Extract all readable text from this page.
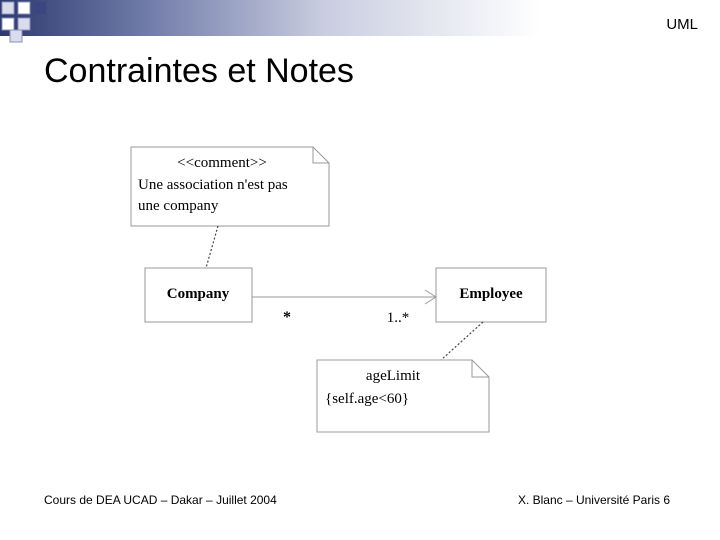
UML
Contraintes et Notes
<<comment>>
Une association n'est pas
une company
Company	Employee
*	1..*
ageLimit
{self.age<60}
Cours de DEA UCAD – Dakar – Juillet 2004	X. Blanc – Université Paris 6
